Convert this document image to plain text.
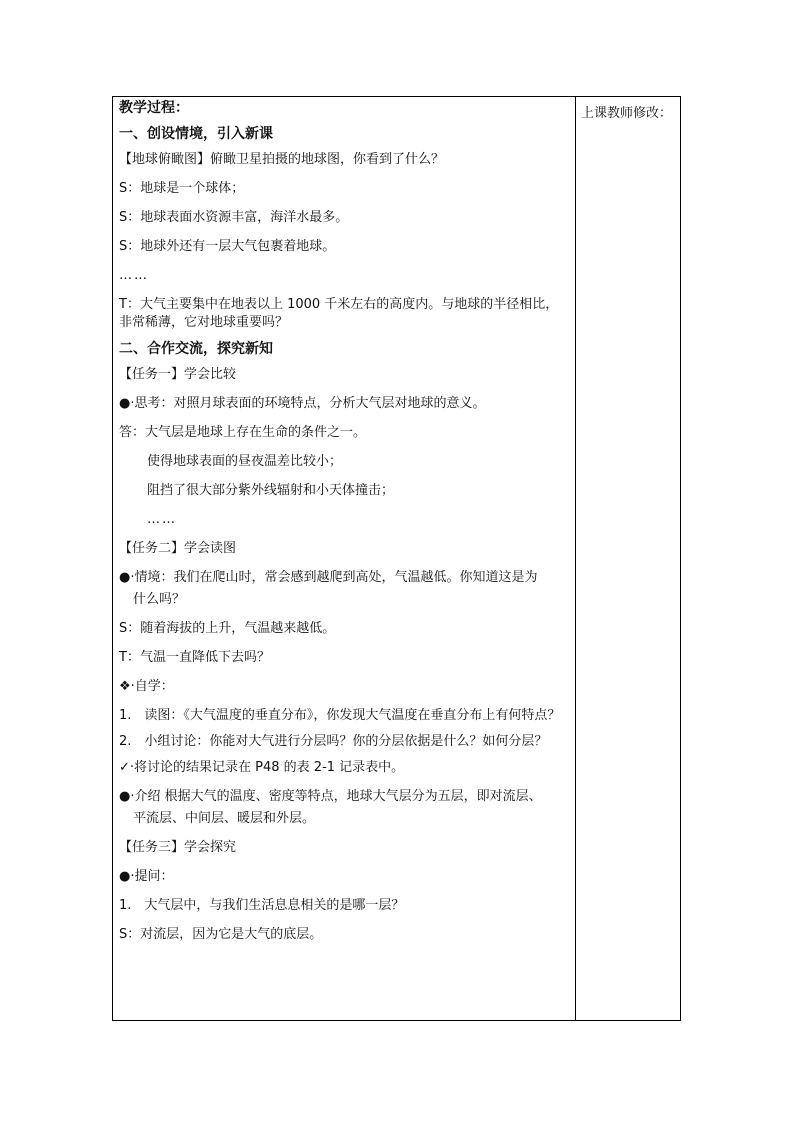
教学过程：
一、创设情境，引入新课
【地球俯瞰图】俯瞰卫星拍摄的地球图，你看到了什么？
S：地球是一个球体；
S：地球表面水资源丰富，海洋水最多。
S：地球外还有一层大气包裹着地球。
……
T：大气主要集中在地表以上 1000 千米左右的高度内。与地球的半径相比，非常稀薄，它对地球重要吗？
二、合作交流，探究新知
【任务一】学会比较
●·思考：对照月球表面的环境特点，分析大气层对地球的意义。
答：大气层是地球上存在生命的条件之一。
使得地球表面的昼夜温差比较小；
阻挡了很大部分紫外线辐射和小天体撞击；
……
【任务二】学会读图
●·情境：我们在爬山时，常会感到越爬到高处，气温越低。你知道这是为
什么吗？
S：随着海拔的上升，气温越来越低。
T：气温一直降低下去吗？
❖·自学：
1.　读图：《大气温度的垂直分布》，你发现大气温度在垂直分布上有何特点？
2.　小组讨论：你能对大气进行分层吗？你的分层依据是什么？如何分层？
✓·将讨论的结果记录在 P48 的表 2-1 记录表中。
●·介绍 根据大气的温度、密度等特点，地球大气层分为五层，即对流层、
平流层、中间层、暖层和外层。
【任务三】学会探究
●·提问：
1.　大气层中，与我们生活息息相关的是哪一层？
S：对流层，因为它是大气的底层。
上课教师修改：
